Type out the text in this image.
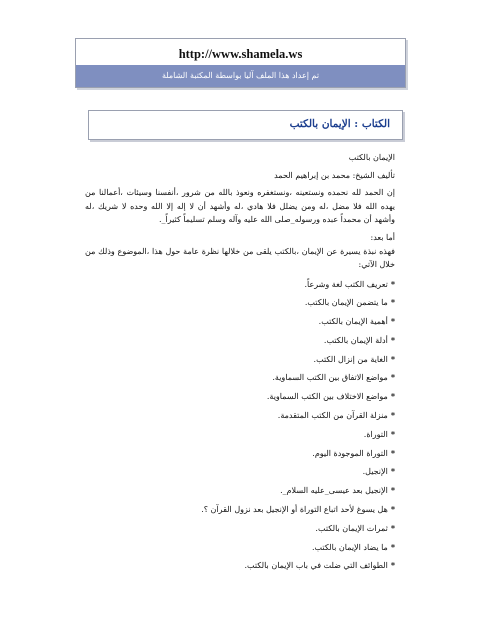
http://www.shamela.ws
تم إعداد هذا الملف آليا بواسطة المكتبة الشاملة
الكتاب : الإيمان بالكتب

الإيمان بالكتب

تأليف الشيخ: محمد بن إبراهيم الحمد

إن الحمد لله نحمده ونستعينه ،ونستغفره ونعوذ بالله من شرور ،أنفسنا وسيئات ،أعمالنا من يهده الله فلا مضل ،له ومن يضلل فلا هادي ،له وأشهد أن لا إله إلا الله وحده لا شريك ،له وأشهد أن محمداً عبده ورسوله_صلى الله عليه وآله وسلم تسليماً كثيراً_.

أما بعد:

فهذه نبذة يسيرة عن الإيمان ،بالكتب يلقى من خلالها نظرة عامة حول هذا ،الموضوع وذلك من خلال الآتي:

*تعريف الكتب لغة وشرعاً.
*ما يتضمن الإيمان بالكتب.
*أهمية الإيمان بالكتب.
*أدلة الإيمان بالكتب.
*الغاية من إنزال الكتب.
*مواضع الاتفاق بين الكتب السماوية.
*مواضع الاختلاف بين الكتب السماوية.
*منزلة القرآن من الكتب المتقدمة.
*التوراة.
*التوراة الموجودة اليوم.
*الإنجيل.
*الإنجيل بعد عيسى_عليه السلام_.
*هل يسوغ لأحد اتباع التوراة أو الإنجيل بعد نزول القرآن ؟.
*ثمرات الإيمان بالكتب.
*ما يضاد الإيمان بالكتب.
*الطوائف التي ضلت في باب الإيمان بالكتب.
